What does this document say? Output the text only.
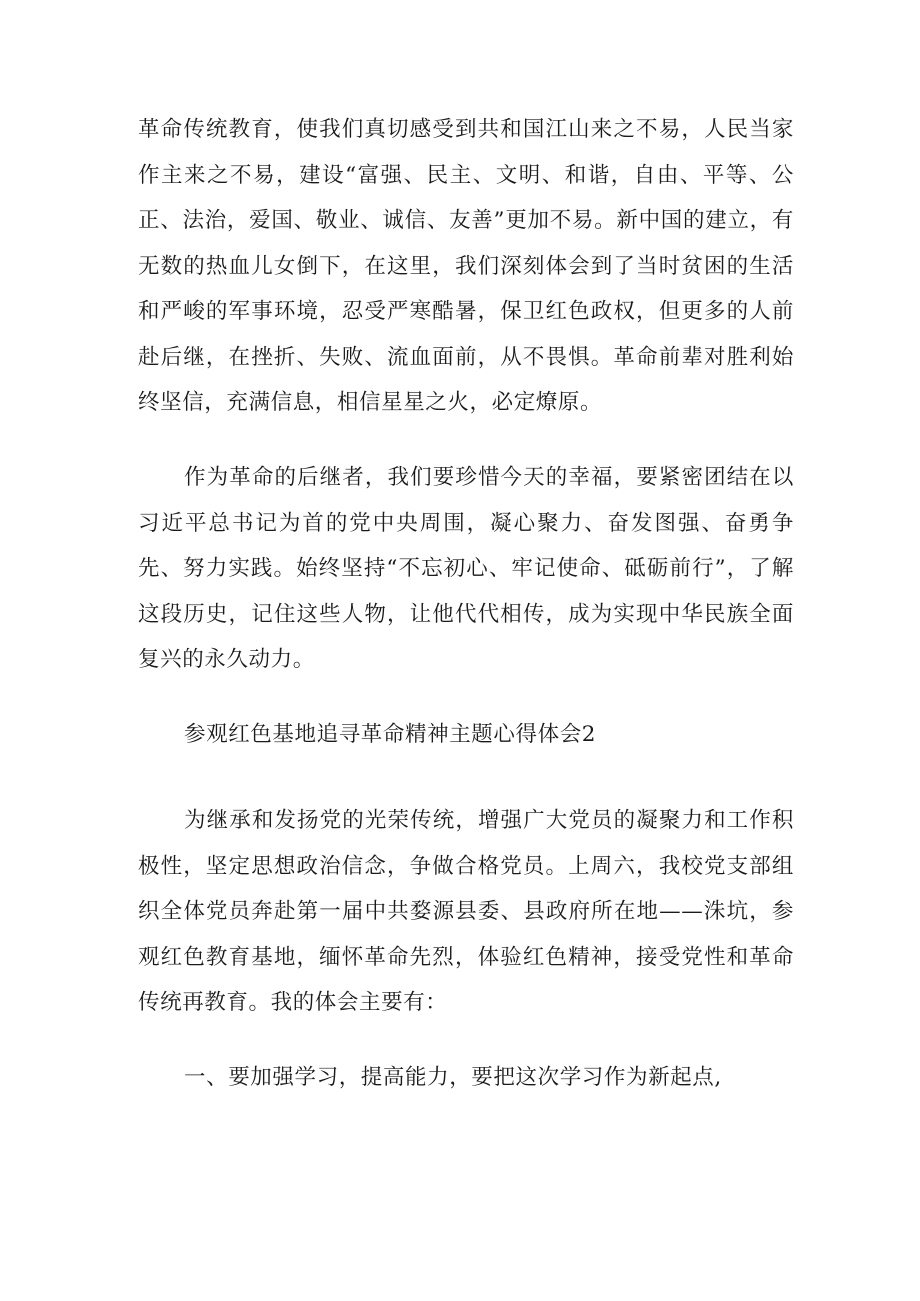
革命传统教育，使我们真切感受到共和国江山来之不易，人民当家作主来之不易，建设“富强、民主、文明、和谐，自由、平等、公正、法治，爱国、敬业、诚信、友善”更加不易。新中国的建立，有无数的热血儿女倒下，在这里，我们深刻体会到了当时贫困的生活和严峻的军事环境，忍受严寒酷暑，保卫红色政权，但更多的人前赴后继，在挫折、失败、流血面前，从不畏惧。革命前辈对胜利始终坚信，充满信息，相信星星之火，必定燎原。

作为革命的后继者，我们要珍惜今天的幸福，要紧密团结在以习近平总书记为首的党中央周围，凝心聚力、奋发图强、奋勇争先、努力实践。始终坚持“不忘初心、牢记使命、砥砺前行”，了解这段历史，记住这些人物，让他代代相传，成为实现中华民族全面复兴的永久动力。

参观红色基地追寻革命精神主题心得体会2

为继承和发扬党的光荣传统，增强广大党员的凝聚力和工作积极性，坚定思想政治信念，争做合格党员。上周六，我校党支部组织全体党员奔赴第一届中共婺源县委、县政府所在地——洙坑，参观红色教育基地，缅怀革命先烈，体验红色精神，接受党性和革命传统再教育。我的体会主要有：

一、要加强学习，提高能力，要把这次学习作为新起点,
